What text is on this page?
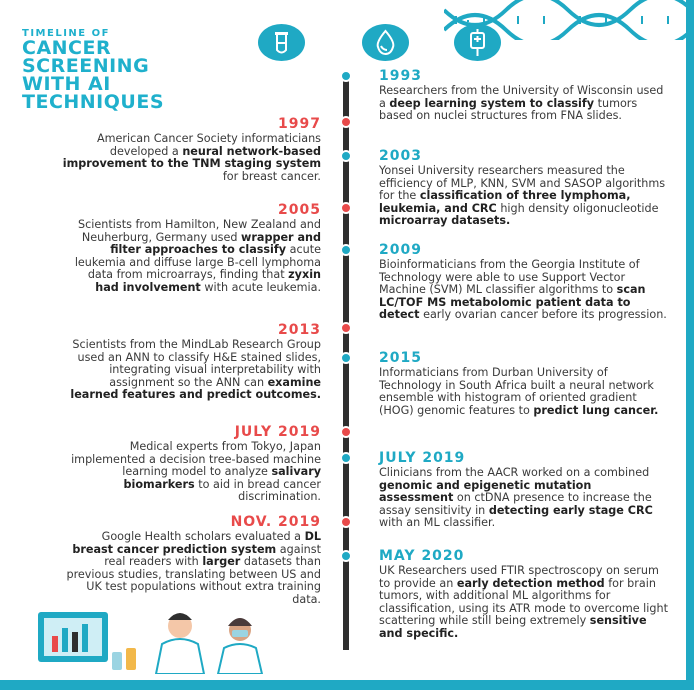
TIMELINE OF
CANCER
SCREENING
WITH AI
TECHNIQUES
1997
American Cancer Society informaticians developed a neural network-based improvement to the TNM staging system for breast cancer.
2005
Scientists from Hamilton, New Zealand and Neuherburg, Germany used wrapper and filter approaches to classify acute leukemia and diffuse large B-cell lymphoma data from microarrays, finding that zyxin had involvement with acute leukemia.
2013
Scientists from the MindLab Research Group used an ANN to classify H&E stained slides, integrating visual interpretability with assignment so the ANN can examine learned features and predict outcomes.
JULY 2019
Medical experts from Tokyo, Japan implemented a decision tree-based machine learning model to analyze salivary biomarkers to aid in bread cancer discrimination.
NOV. 2019
Google Health scholars evaluated a DL breast cancer prediction system against real readers with larger datasets than previous studies, translating between US and UK test populations without extra training data.
1993
Researchers from the University of Wisconsin used a deep learning system to classify tumors based on nuclei structures from FNA slides.
2003
Yonsei University researchers measured the efficiency of MLP, KNN, SVM and SASOP algorithms for the classification of three lymphoma, leukemia, and CRC high density oligonucleotide microarray datasets.
2009
Bioinformaticians from the Georgia Institute of Technology were able to use Support Vector Machine (SVM) ML classifier algorithms to scan LC/TOF MS metabolomic patient data to detect early ovarian cancer before its progression.
2015
Informaticians from Durban University of Technology in South Africa built a neural network ensemble with histogram of oriented gradient (HOG) genomic features to predict lung cancer.
JULY 2019
Clinicians from the AACR worked on a combined genomic and epigenetic mutation assessment on ctDNA presence to increase the assay sensitivity in detecting early stage CRC with an ML classifier.
MAY 2020
UK Researchers used FTIR spectroscopy on serum to provide an early detection method for brain tumors, with additional ML algorithms for classification, using its ATR mode to overcome light scattering while still being extremely sensitive and specific.
